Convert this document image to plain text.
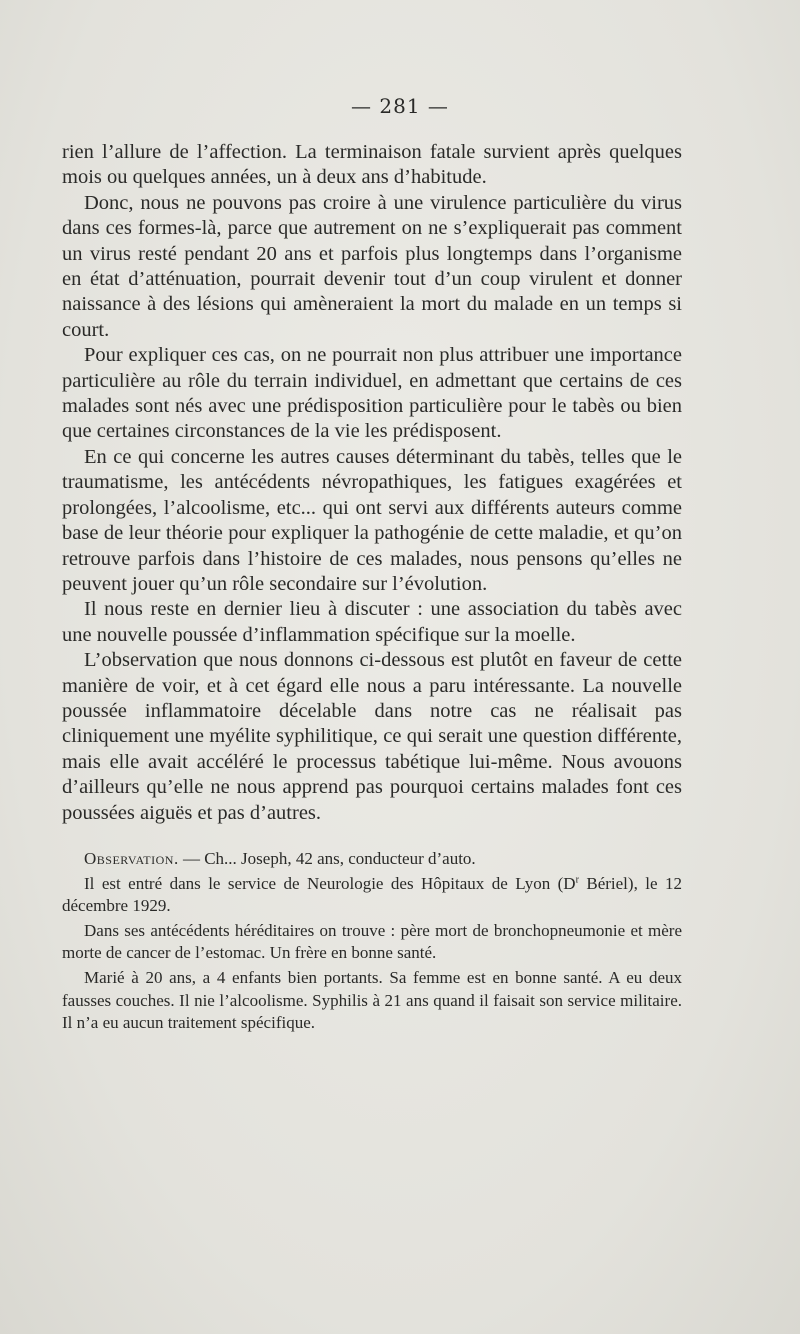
— 281 —

rien l’allure de l’affection. La terminaison fatale survient après quelques mois ou quelques années, un à deux ans d’habitude.

Donc, nous ne pouvons pas croire à une virulence particulière du virus dans ces formes-là, parce que autrement on ne s’expliquerait pas comment un virus resté pendant 20 ans et parfois plus longtemps dans l’organisme en état d’atténuation, pourrait devenir tout d’un coup virulent et donner naissance à des lésions qui amèneraient la mort du malade en un temps si court.

Pour expliquer ces cas, on ne pourrait non plus attribuer une importance particulière au rôle du terrain individuel, en admettant que certains de ces malades sont nés avec une prédisposition particulière pour le tabès ou bien que certaines circonstances de la vie les prédisposent.

En ce qui concerne les autres causes déterminant du tabès, telles que le traumatisme, les antécédents névropathiques, les fatigues exagérées et prolongées, l’alcoolisme, etc... qui ont servi aux différents auteurs comme base de leur théorie pour expliquer la pathogénie de cette maladie, et qu’on retrouve parfois dans l’histoire de ces malades, nous pensons qu’elles ne peuvent jouer qu’un rôle secondaire sur l’évolution.

Il nous reste en dernier lieu à discuter : une association du tabès avec une nouvelle poussée d’inflammation spécifique sur la moelle.

L’observation que nous donnons ci-dessous est plutôt en faveur de cette manière de voir, et à cet égard elle nous a paru intéressante. La nouvelle poussée inflammatoire décelable dans notre cas ne réalisait pas cliniquement une myélite syphilitique, ce qui serait une question différente, mais elle avait accéléré le processus tabétique lui-même. Nous avouons d’ailleurs qu’elle ne nous apprend pas pourquoi certains malades font ces poussées aiguës et pas d’autres.

Observation. — Ch... Joseph, 42 ans, conducteur d’auto.

Il est entré dans le service de Neurologie des Hôpitaux de Lyon ($D^r$ Bériel), le 12 décembre 1929.

Dans ses antécédents héréditaires on trouve : père mort de bronchopneumonie et mère morte de cancer de l’estomac. Un frère en bonne santé.

Marié à 20 ans, a 4 enfants bien portants. Sa femme est en bonne santé. A eu deux fausses couches. Il nie l’alcoolisme. Syphilis à 21 ans quand il faisait son service militaire. Il n’a eu aucun traitement spécifique.
